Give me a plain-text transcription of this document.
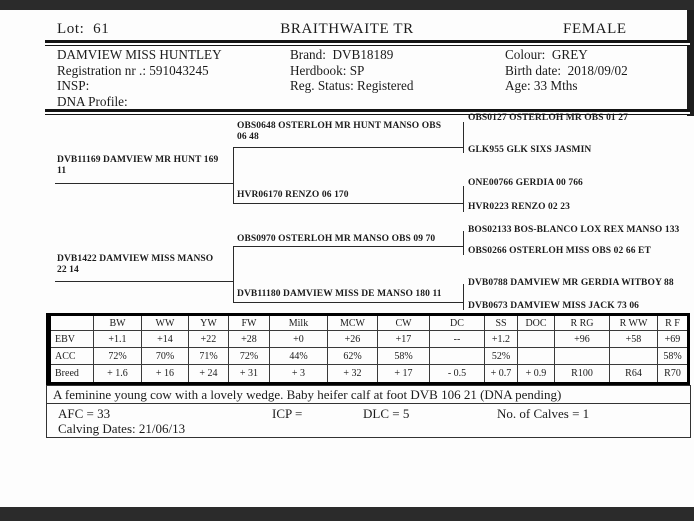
Lot:  61	BRAITHWAITE TR	FEMALE
DAMVIEW MISS HUNTLEY
Registration nr .: 591043245
INSP:
DNA Profile:
Brand:  DVB18189
Herdbook: SP
Reg. Status: Registered
Colour:  GREY
Birth date:  2018/09/02
Age: 33 Mths
DVB11169 DAMVIEW MR HUNT 169 11
DVB1422 DAMVIEW MISS MANSO 22 14
OBS0648 OSTERLOH MR HUNT MANSO OBS 06 48
HVR06170 RENZO 06 170
OBS0970 OSTERLOH MR MANSO OBS 09 70
DVB11180 DAMVIEW MISS DE MANSO 180 11
OBS0127 OSTERLOH MR OBS 01 27
GLK955 GLK SIXS JASMIN
ONE00766 GERDIA 00 766
HVR0223 RENZO 02 23
BOS02133 BOS-BLANCO LOX REX MANSO 133
OBS0266 OSTERLOH MISS OBS 02 66 ET
DVB0788 DAMVIEW MR GERDIA WITBOY 88
DVB0673 DAMVIEW MISS JACK 73 06
	BW	WW	YW	FW	Milk	MCW	CW	DC	SS	DOC	R RG	R WW	R F
EBV	+1.1	+14	+22	+28	+0	+26	+17	--	+1.2		+96	+58	+69
ACC	72%	70%	71%	72%	44%	62%	58%		52%				58%
Breed	+ 1.6	+ 16	+ 24	+ 31	+ 3	+ 32	+ 17	- 0.5	+ 0.7	+ 0.9	R100	R64	R70
A feminine young cow with a lovely wedge. Baby heifer calf at foot DVB 106 21 (DNA pending)
AFC = 33	ICP =	DLC = 5	No. of Calves = 1
Calving Dates: 21/06/13
